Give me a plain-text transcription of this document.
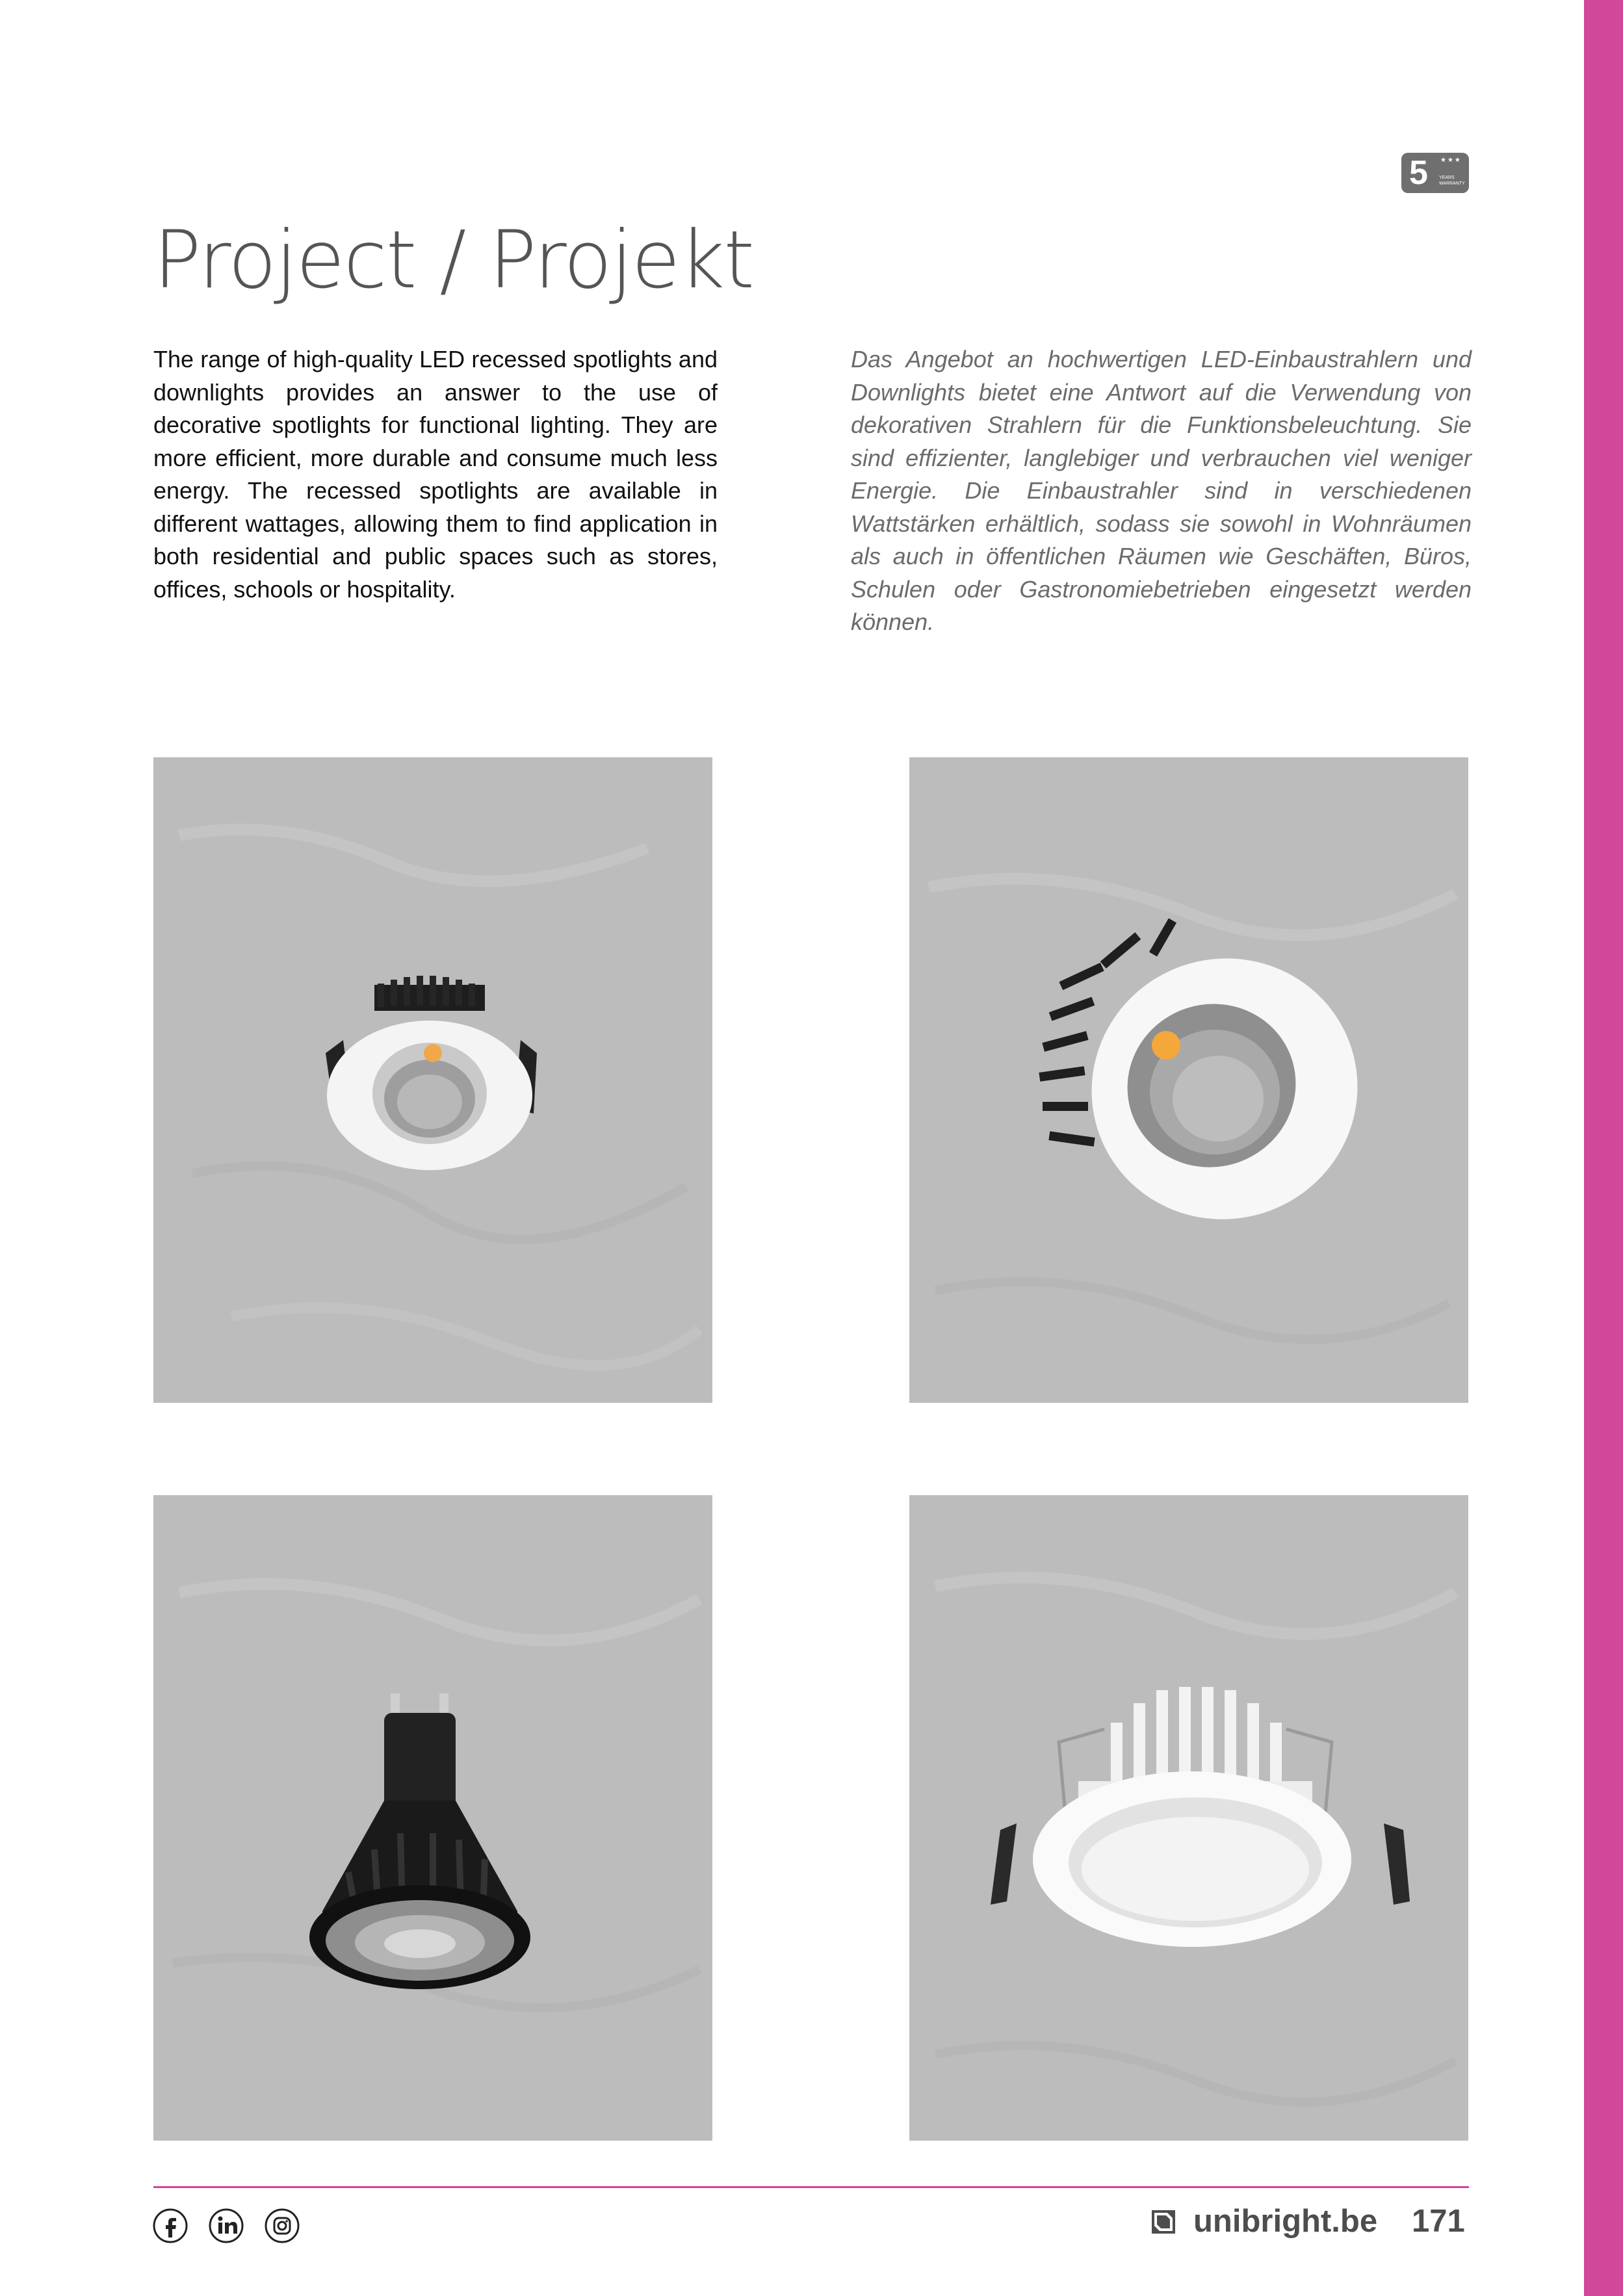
5 ★★★
YEARS WARRANTY
Project / Projekt

The range of high-quality LED recessed spotlights and downlights provides an answer to the use of decorative spotlights for functional lighting. They are more efficient, more durable and consume much less energy. The recessed spotlights are available in different wattages, allowing them to find application in both residential and public spaces such as stores, offices, schools or hospitality.

Das Angebot an hochwertigen LED-Einbaustrahlern und Downlights bietet eine Antwort auf die Verwendung von dekorativen Strahlern für die Funktionsbeleuchtung. Sie sind effizienter, langlebiger und verbrauchen viel weniger Energie. Die Einbaustrahler sind in verschiedenen Wattstärken erhältlich, sodass sie sowohl in Wohnräumen als auch in öffentlichen Räumen wie Geschäften, Büros, Schulen oder Gastronomiebetrieben eingesetzt werden können.

unibright.be 171
